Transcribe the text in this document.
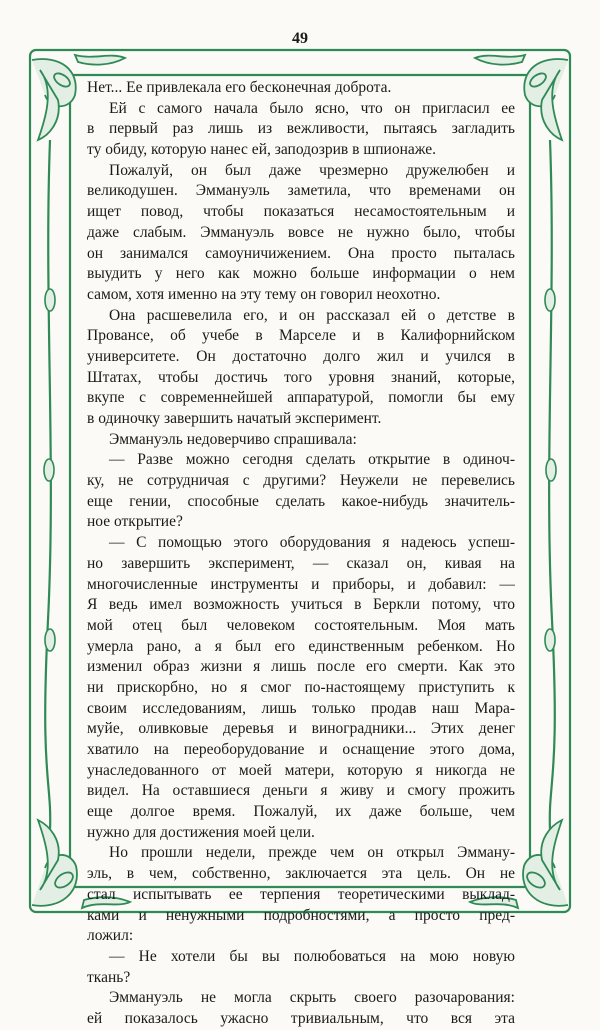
49
Нет... Ее привлекала его бесконечная доброта.
Ей с самого начала было ясно, что он пригласил ее
в первый раз лишь из вежливости, пытаясь загладить
ту обиду, которую нанес ей, заподозрив в шпионаже.
Пожалуй, он был даже чрезмерно дружелюбен и
великодушен. Эммануэль заметила, что временами он
ищет повод, чтобы показаться несамостоятельным и
даже слабым. Эммануэль вовсе не нужно было, чтобы
он занимался самоуничижением. Она просто пыталась
выудить у него как можно больше информации о нем
самом, хотя именно на эту тему он говорил неохотно.
Она расшевелила его, и он рассказал ей о детстве в
Провансе, об учебе в Марселе и в Калифорнийском
университете. Он достаточно долго жил и учился в
Штатах, чтобы достичь того уровня знаний, которые,
вкупе с современнейшей аппаратурой, помогли бы ему
в одиночку завершить начатый эксперимент.
Эммануэль недоверчиво спрашивала:
— Разве можно сегодня сделать открытие в одиноч-
ку, не сотрудничая с другими? Неужели не перевелись
еще гении, способные сделать какое-нибудь значитель-
ное открытие?
— С помощью этого оборудования я надеюсь успеш-
но завершить эксперимент, — сказал он, кивая на
многочисленные инструменты и приборы, и добавил: —
Я ведь имел возможность учиться в Беркли потому, что
мой отец был человеком состоятельным. Моя мать
умерла рано, а я был его единственным ребенком. Но
изменил образ жизни я лишь после его смерти. Как это
ни прискорбно, но я смог по-настоящему приступить к
своим исследованиям, лишь только продав наш Мара-
муйе, оливковые деревья и виноградники... Этих денег
хватило на переоборудование и оснащение этого дома,
унаследованного от моей матери, которую я никогда не
видел. На оставшиеся деньги я живу и смогу прожить
еще долгое время. Пожалуй, их даже больше, чем
нужно для достижения моей цели.
Но прошли недели, прежде чем он открыл Эмману-
эль, в чем, собственно, заключается эта цель. Он не
стал испытывать ее терпения теоретическими выклад-
ками и ненужными подробностями, а просто пред-
ложил:
— Не хотели бы вы полюбоваться на мою новую
ткань?
Эммануэль не могла скрыть своего разочарования:
ей показалось ужасно тривиальным, что вся эта
